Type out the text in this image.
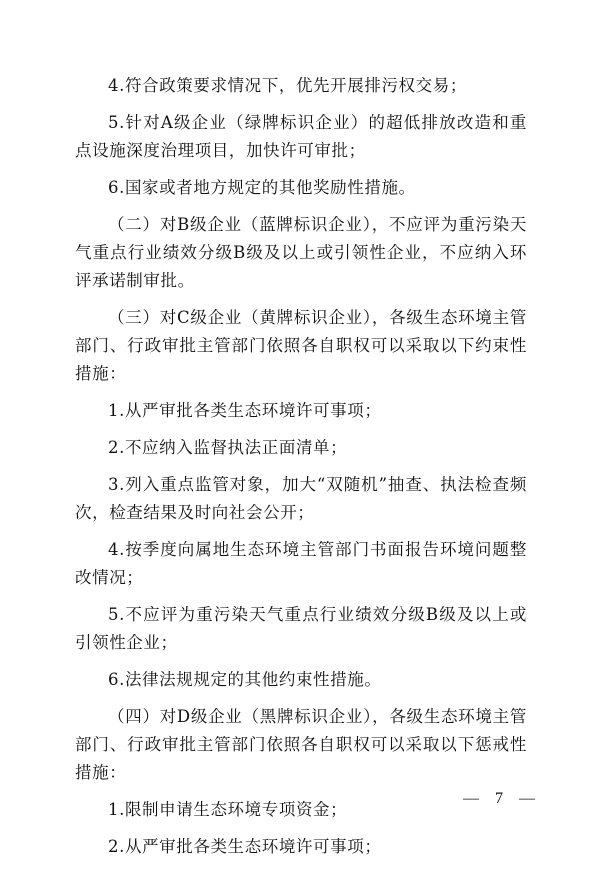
4.符合政策要求情况下，优先开展排污权交易；

5.针对A级企业（绿牌标识企业）的超低排放改造和重点设施深度治理项目，加快许可审批；

6.国家或者地方规定的其他奖励性措施。

（二）对B级企业（蓝牌标识企业），不应评为重污染天气重点行业绩效分级B级及以上或引领性企业，不应纳入环评承诺制审批。

（三）对C级企业（黄牌标识企业），各级生态环境主管部门、行政审批主管部门依照各自职权可以采取以下约束性措施：

1.从严审批各类生态环境许可事项；

2.不应纳入监督执法正面清单；

3.列入重点监管对象，加大“双随机”抽查、执法检查频次，检查结果及时向社会公开；

4.按季度向属地生态环境主管部门书面报告环境问题整改情况；

5.不应评为重污染天气重点行业绩效分级B级及以上或引领性企业；

6.法律法规规定的其他约束性措施。

（四）对D级企业（黑牌标识企业），各级生态环境主管部门、行政审批主管部门依照各自职权可以采取以下惩戒性措施：

1.限制申请生态环境专项资金；

2.从严审批各类生态环境许可事项；

— 7 —
